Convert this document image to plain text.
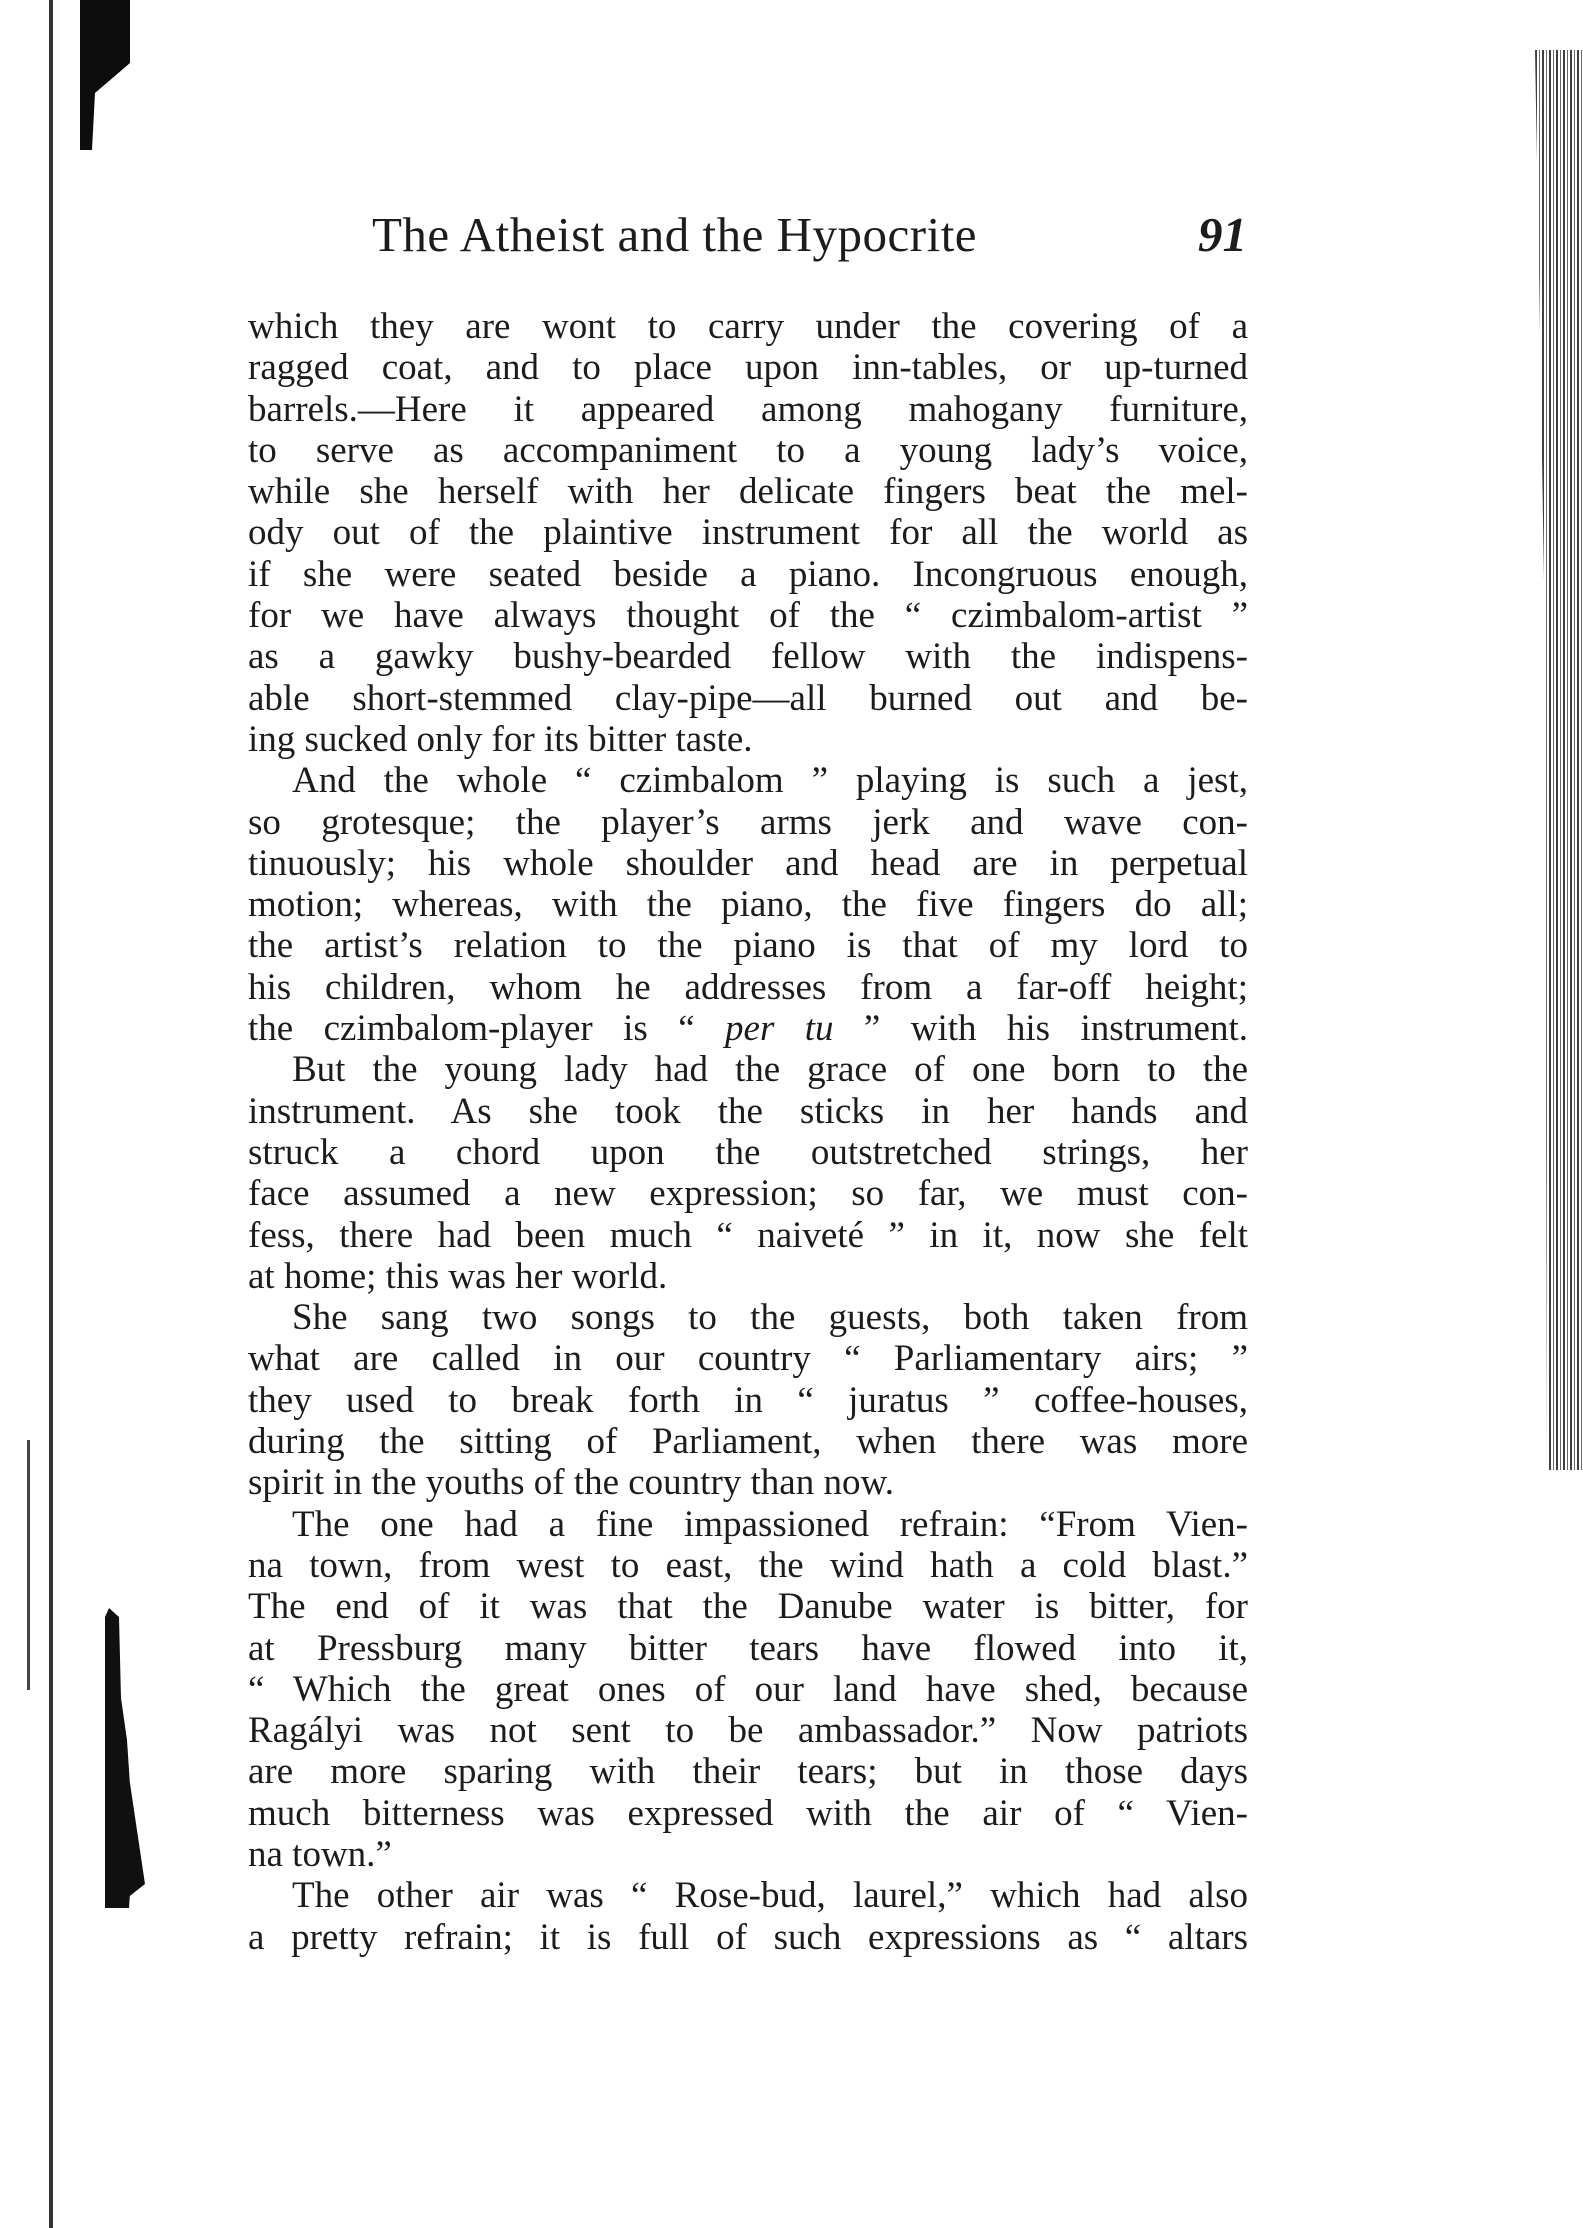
The Atheist and the Hypocrite	91
which they are wont to carry under the covering of a
ragged coat, and to place upon inn-tables, or up-turned
barrels.—Here it appeared among mahogany furniture,
to serve as accompaniment to a young lady’s voice,
while she herself with her delicate fingers beat the mel-
ody out of the plaintive instrument for all the world as
if she were seated beside a piano. Incongruous enough,
for we have always thought of the “ czimbalom-artist ”
as a gawky bushy-bearded fellow with the indispens-
able short-stemmed clay-pipe—all burned out and be-
ing sucked only for its bitter taste.
And the whole “ czimbalom ” playing is such a jest,
so grotesque; the player’s arms jerk and wave con-
tinuously; his whole shoulder and head are in perpetual
motion; whereas, with the piano, the five fingers do all;
the artist’s relation to the piano is that of my lord to
his children, whom he addresses from a far-off height;
the czimbalom-player is “ per tu ” with his instrument.
But the young lady had the grace of one born to the
instrument. As she took the sticks in her hands and
struck a chord upon the outstretched strings, her
face assumed a new expression; so far, we must con-
fess, there had been much “ naiveté ” in it, now she felt
at home; this was her world.
She sang two songs to the guests, both taken from
what are called in our country “ Parliamentary airs; ”
they used to break forth in “ juratus ” coffee-houses,
during the sitting of Parliament, when there was more
spirit in the youths of the country than now.
The one had a fine impassioned refrain: “From Vien-
na town, from west to east, the wind hath a cold blast.”
The end of it was that the Danube water is bitter, for
at Pressburg many bitter tears have flowed into it,
“ Which the great ones of our land have shed, because
Ragályi was not sent to be ambassador.” Now patriots
are more sparing with their tears; but in those days
much bitterness was expressed with the air of “ Vien-
na town.”
The other air was “ Rose-bud, laurel,” which had also
a pretty refrain; it is full of such expressions as “ altars
